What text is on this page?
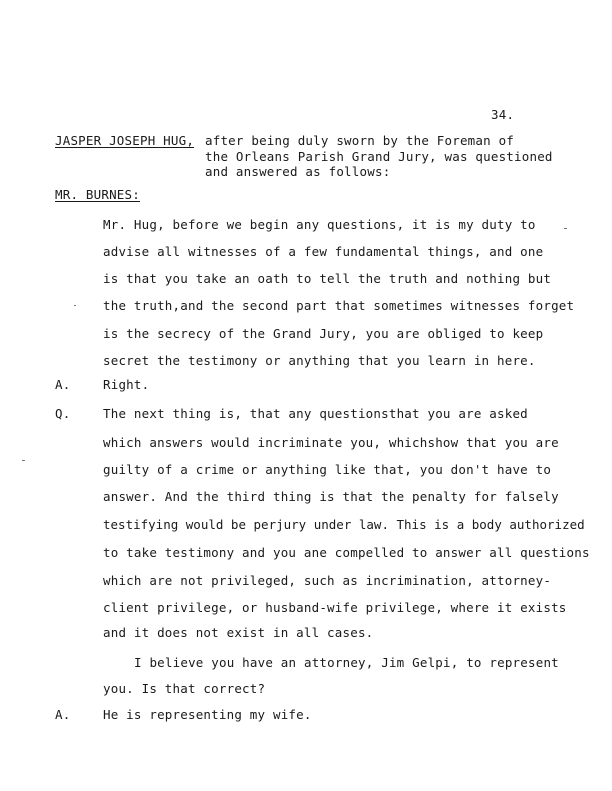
34.
JASPER JOSEPH HUG, after being duly sworn by the Foreman of
the Orleans Parish Grand Jury, was questioned
and answered as follows:
MR. BURNES:
Mr. Hug, before we begin any questions, it is my duty to
advise all witnesses of a few fundamental things, and one
is that you take an oath to tell the truth and nothing but
the truth,and the second part that sometimes witnesses forget
is the secrecy of the Grand Jury, you are obliged to keep
secret the testimony or anything that you learn in here.
A.	Right.
Q.	The next thing is, that any questionsthat you are asked
which answers would incriminate you, whichshow that you are
guilty of a crime or anything like that, you don't have to
answer. And the third thing is that the penalty for falsely
testifying would be perjury under law. This is a body authorized
to take testimony and you ane compelled to answer all questions
which are not privileged, such as incrimination, attorney-
client privilege, or husband-wife privilege, where it exists
and it does not exist in all cases.
I believe you have an attorney, Jim Gelpi, to represent
you. Is that correct?
A.	He is representing my wife.
